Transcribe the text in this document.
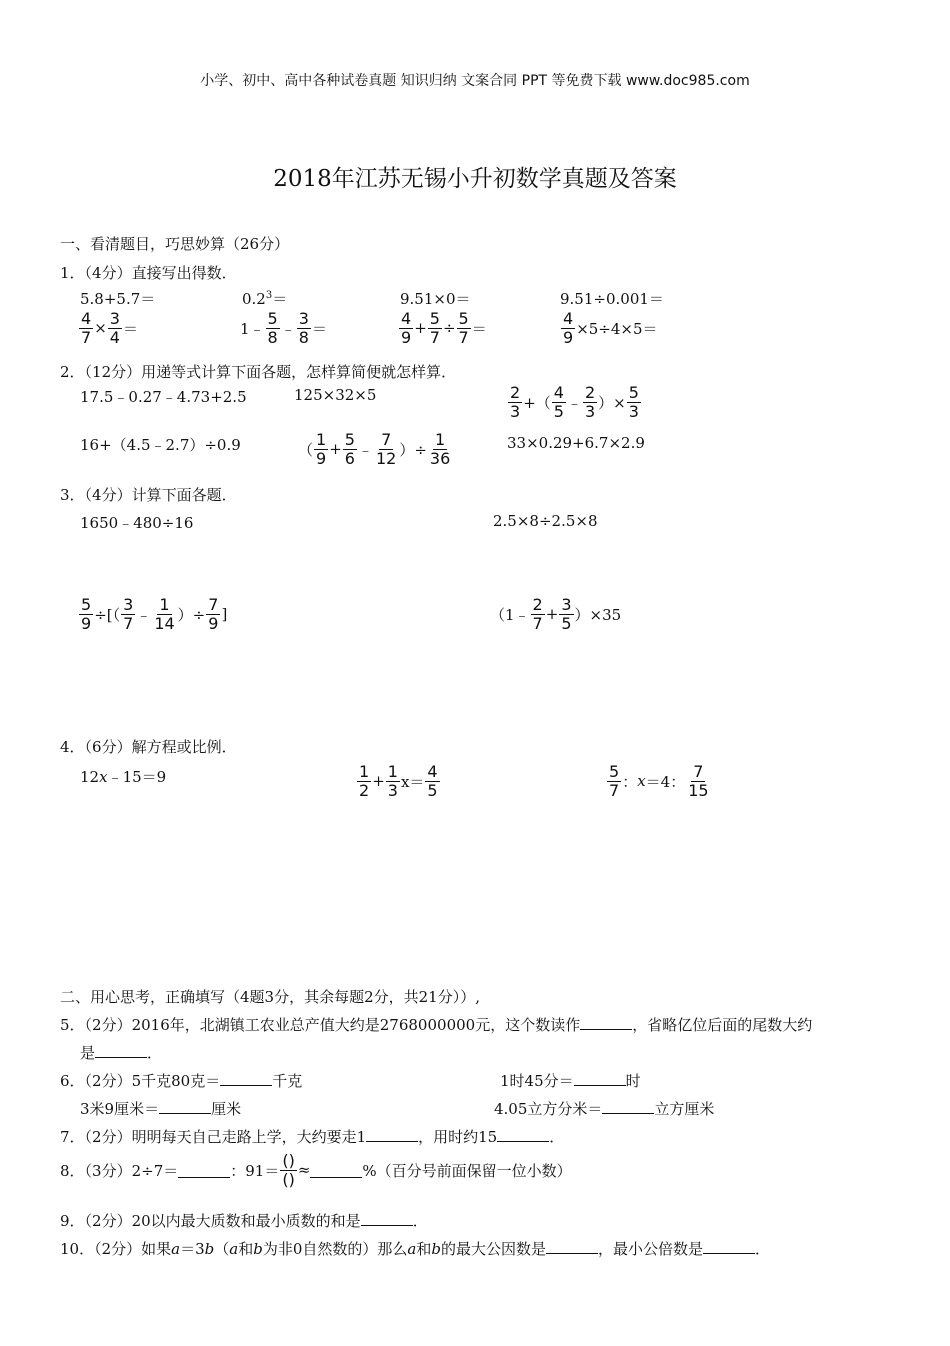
小学、初中、高中各种试卷真题 知识归纳 文案合同 PPT 等免费下载 www.doc985.com
2018年江苏无锡小升初数学真题及答案
一、看清题目，巧思妙算（26分）
1．（4分）直接写出得数．
5.8+5.7＝	$0.2^3=$	9.51×0＝	9.51÷0.001＝
$\frac{4}{7} \times \frac{3}{4}$ ＝	1﹣ $\frac{5}{8}$ ﹣ $\frac{3}{8}$ ＝	$\frac{4}{9} + \frac{5}{7} \div \frac{5}{7}$ ＝	$\frac{4}{9} \times 5\div 4\times 5=$
2．（12分）用递等式计算下面各题，怎样算简便就怎样算．
17.5﹣0.27﹣4.73+2.5	125×32×5	$\frac{2}{3}$ +（ $\frac{4}{5}$ ﹣ $\frac{2}{3}$ ）× $\frac{5}{3}$
16+（4.5﹣2.7）÷0.9	（ $\frac{1}{9} + \frac{5}{6}$ ﹣ $\frac{7}{12}$ ）÷ $\frac{1}{36}$	33×0.29+6.7×2.9
3．（4分）计算下面各题．
1650﹣480÷16	2.5×8÷2.5×8
$\frac{5}{9}$ ÷[（ $\frac{3}{7}$ ﹣ $\frac{1}{14}$ ）÷ $\frac{7}{9}$ ]	（1﹣ $\frac{2}{7} + \frac{3}{5} )\times 35$
4．（6分）解方程或比例．
12x﹣15＝9	$\frac{1}{2} + \frac{1}{3} x= \frac{4}{5}$	$\frac{5}{7}$ ： x ＝4： $\frac{7}{15}$
二、用心思考，正确填写（4题3分，其余每题2分，共21分））,
5．（2分）2016年，北湖镇工农业总产值大约是2768000000元，这个数读作	，省略亿位后面的尾数大约
是	．
6．（2分）5千克80克＝	千克	1时45分＝	时
3米9厘米＝	厘米	4.05立方分米＝	立方厘米
7．（2分）明明每天自己走路上学，大约要走1	，用时约15	．
8．（3分）2÷7＝	：$91= \frac{()}{()}$ ≈	%（百分号前面保留一位小数）
9．（2分）20以内最大质数和最小质数的和是	．
10．（2分）如果a＝3b（a和b为非0自然数的）那么a和b的最大公因数是	，最小公倍数是	．
